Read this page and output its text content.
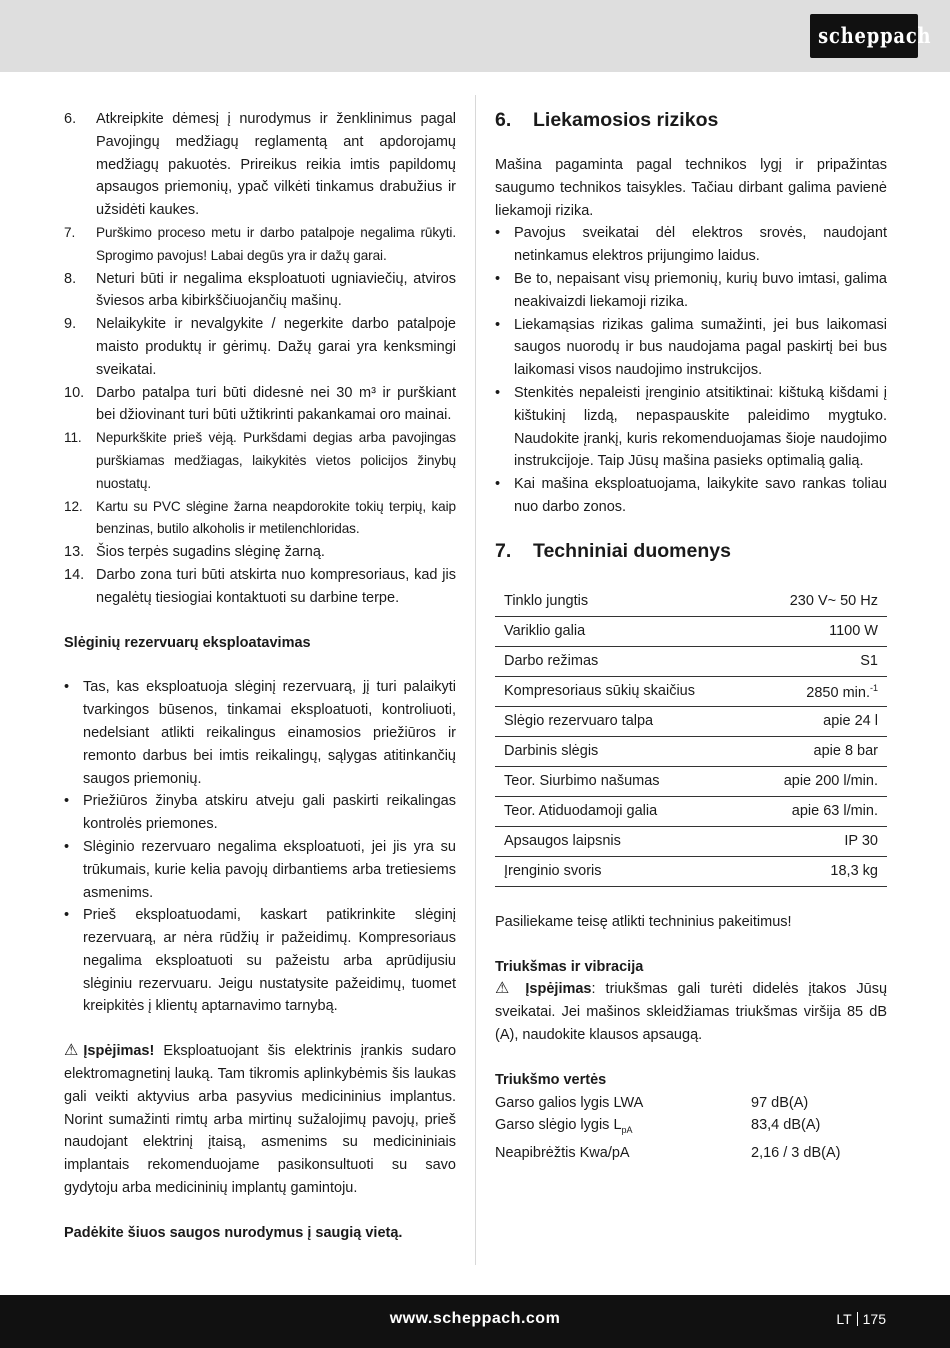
scheppach
6. Atkreipkite dėmesį į nurodymus ir ženklinimus pagal Pavojingų medžiagų reglamentą ant apdorojamų medžiagų pakuotės. Prireikus reikia imtis papildomų apsaugos priemonių, ypač vilkėti tinkamus drabužius ir užsidėti kaukes.
7. Purškimo proceso metu ir darbo patalpoje negalima rūkyti. Sprogimo pavojus! Labai degūs yra ir dažų garai.
8. Neturi būti ir negalima eksploatuoti ugniaviečių, atviros šviesos arba kibirkščiuojančių mašinų.
9. Nelaikykite ir nevalgykite / negerkite darbo patalpoje maisto produktų ir gėrimų. Dažų garai yra kenksmingi sveikatai.
10. Darbo patalpa turi būti didesnė nei 30 m³ ir purškiant bei džiovinant turi būti užtikrinti pakankamai oro mainai.
11. Nepurkškite prieš vėją. Purkšdami degias arba pavojingas purškiamas medžiagas, laikykitės vietos policijos žinybų nuostatų.
12. Kartu su PVC slėgine žarna neapdorokite tokių terpių, kaip benzinas, butilo alkoholis ir metilenchloridas.
13. Šios terpės sugadins slėginę žarną.
14. Darbo zona turi būti atskirta nuo kompresoriaus, kad jis negalėtų tiesiogiai kontaktuoti su darbine terpe.
Slėginių rezervuarų eksploatavimas
• Tas, kas eksploatuoja slėginį rezervuarą, jį turi palaikyti tvarkingos būsenos, tinkamai eksploatuoti, kontroliuoti, nedelsiant atlikti reikalingus einamosios priežiūros ir remonto darbus bei imtis reikalingų, sąlygas atitinkančių saugos priemonių.
• Priežiūros žinyba atskiru atveju gali paskirti reikalingas kontrolės priemones.
• Slėginio rezervuaro negalima eksploatuoti, jei jis yra su trūkumais, kurie kelia pavojų dirbantiems arba tretiesiems asmenims.
• Prieš eksploatuodami, kaskart patikrinkite slėginį rezervuarą, ar nėra rūdžių ir pažeidimų. Kompresoriaus negalima eksploatuoti su pažeistu arba aprūdijusiu slėginiu rezervuaru. Jeigu nustatysite pažeidimų, tuomet kreipkitės į klientų aptarnavimo tarnybą.

⚠Įspėjimas! Eksploatuojant šis elektrinis įrankis sudaro elektromagnetinį lauką. Tam tikromis aplinkybėmis šis laukas gali veikti aktyvius arba pasyvius medicininius implantus. Norint sumažinti rimtų arba mirtinų sužalojimų pavojų, prieš naudojant elektrinį įtaisą, asmenims su medicininiais implantais rekomenduojame pasikonsultuoti su savo gydytoju arba medicininių implantų gamintoju.

Padėkite šiuos saugos nurodymus į saugią vietą.

6. Liekamosios rizikos

Mašina pagaminta pagal technikos lygį ir pripažintas saugumo technikos taisykles. Tačiau dirbant galima pavienė liekamoji rizika.

• Pavojus sveikatai dėl elektros srovės, naudojant netinkamus elektros prijungimo laidus.
• Be to, nepaisant visų priemonių, kurių buvo imtasi, galima neakivaizdi liekamoji rizika.
• Liekamąsias rizikas galima sumažinti, jei bus laikomasi saugos nuorodų ir bus naudojama pagal paskirtį bei bus laikomasi visos naudojimo instrukcijos.
• Stenkitės nepaleisti įrenginio atsitiktinai: kištuką kišdami į kištukinį lizdą, nepaspauskite paleidimo mygtuko. Naudokite įrankį, kuris rekomenduojamas šioje naudojimo instrukcijoje. Taip Jūsų mašina pasieks optimalią galią.
• Kai mašina eksploatuojama, laikykite savo rankas toliau nuo darbo zonos.
7. Techniniai duomenys
Tinklo jungtis	230 V~ 50 Hz
Variklio galia	1100 W
Darbo režimas	S1
Kompresoriaus sūkių skaičius	2850 min.$^{-1}$
Slėgio rezervuaro talpa	apie 24 l
Darbinis slėgis	apie 8 bar
Teor. Siurbimo našumas	apie 200 l/min.
Teor. Atiduodamoji galia	apie 63 l/min.
Apsaugos laipsnis	IP 30
Įrenginio svoris	18,3 kg

Pasiliekame teisę atlikti techninius pakeitimus!

Triukšmas ir vibracija

⚠ Įspėjimas: triukšmas gali turėti didelės įtakos Jūsų sveikatai. Jei mašinos skleidžiamas triukšmas viršija 85 dB (A), naudokite klausos apsaugą.

Triukšmo vertės
Garso galios lygis LWA	97 dB(A)
Garso slėgio lygis $L_{pA}$	83,4 dB(A)
Neapibrėžtis Kwa/pA	2,16 / 3 dB(A)
www.scheppach.com	LT 175
